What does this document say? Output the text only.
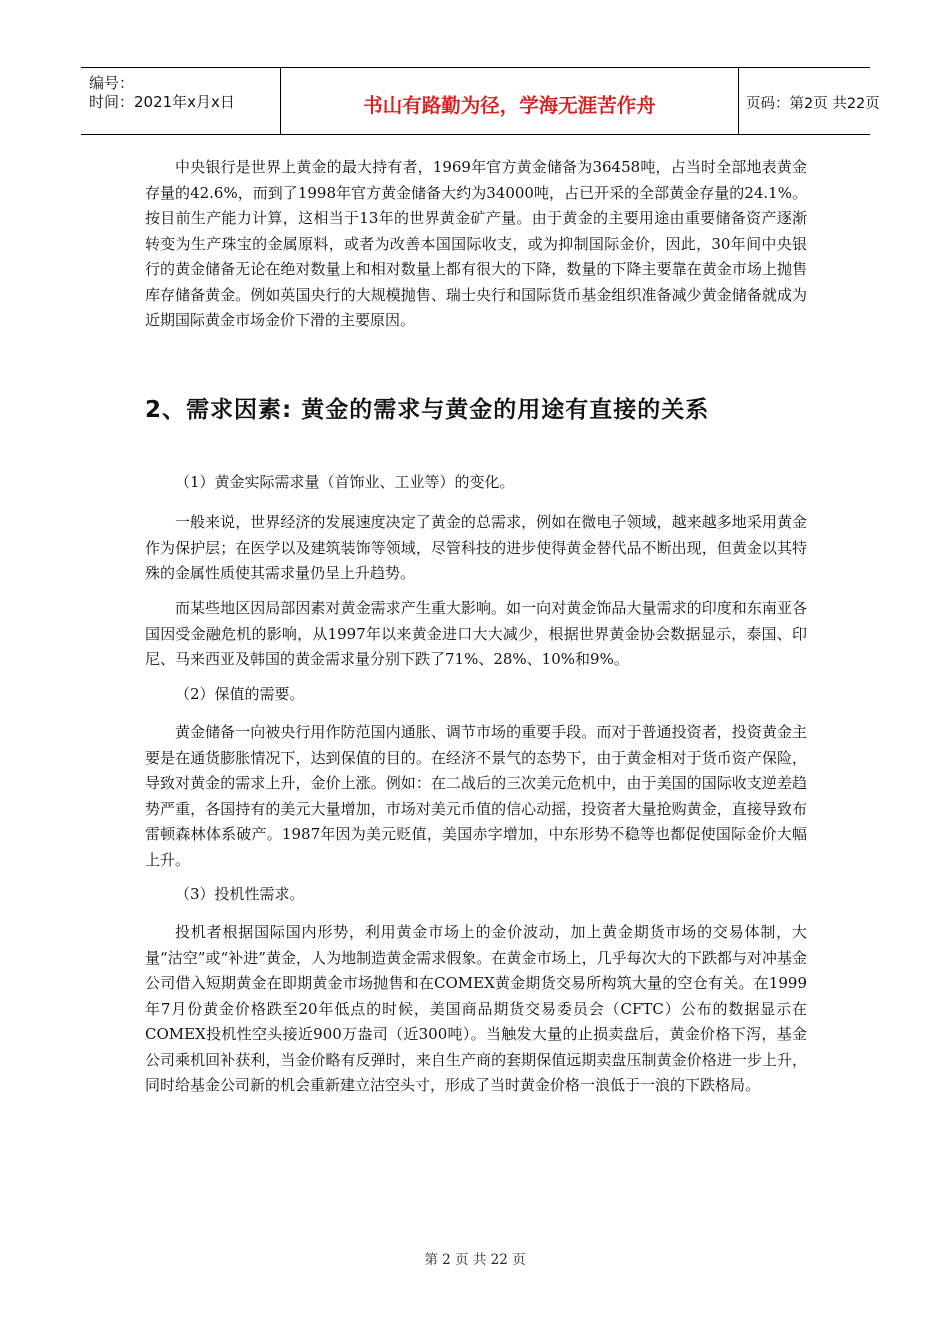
编号：
时间：2021年x月x日	书山有路勤为径，学海无涯苦作舟	页码：第2页 共22页

中央银行是世界上黄金的最大持有者，1969年官方黄金储备为36458吨，占当时全部地表黄金存量的42.6%，而到了1998年官方黄金储备大约为34000吨，占已开采的全部黄金存量的24.1%。按目前生产能力计算，这相当于13年的世界黄金矿产量。由于黄金的主要用途由重要储备资产逐渐转变为生产珠宝的金属原料，或者为改善本国国际收支，或为抑制国际金价，因此，30年间中央银行的黄金储备无论在绝对数量上和相对数量上都有很大的下降，数量的下降主要靠在黄金市场上抛售库存储备黄金。例如英国央行的大规模抛售、瑞士央行和国际货币基金组织准备减少黄金储备就成为近期国际黄金市场金价下滑的主要原因。

2、需求因素: 黄金的需求与黄金的用途有直接的关系

（1）黄金实际需求量（首饰业、工业等）的变化。

一般来说，世界经济的发展速度决定了黄金的总需求，例如在微电子领域，越来越多地采用黄金作为保护层；在医学以及建筑装饰等领域，尽管科技的进步使得黄金替代品不断出现，但黄金以其特殊的金属性质使其需求量仍呈上升趋势。

而某些地区因局部因素对黄金需求产生重大影响。如一向对黄金饰品大量需求的印度和东南亚各国因受金融危机的影响，从1997年以来黄金进口大大减少，根据世界黄金协会数据显示，泰国、印尼、马来西亚及韩国的黄金需求量分别下跌了71%、28%、10%和9%。

（2）保值的需要。

黄金储备一向被央行用作防范国内通胀、调节市场的重要手段。而对于普通投资者，投资黄金主要是在通货膨胀情况下，达到保值的目的。在经济不景气的态势下，由于黄金相对于货币资产保险，导致对黄金的需求上升，金价上涨。例如：在二战后的三次美元危机中，由于美国的国际收支逆差趋势严重，各国持有的美元大量增加，市场对美元币值的信心动摇，投资者大量抢购黄金，直接导致布雷顿森林体系破产。1987年因为美元贬值，美国赤字增加，中东形势不稳等也都促使国际金价大幅上升。

（3）投机性需求。

投机者根据国际国内形势，利用黄金市场上的金价波动，加上黄金期货市场的交易体制，大量“沽空”或“补进”黄金，人为地制造黄金需求假象。在黄金市场上，几乎每次大的下跌都与对冲基金公司借入短期黄金在即期黄金市场抛售和在COMEX黄金期货交易所构筑大量的空仓有关。在1999年7月份黄金价格跌至20年低点的时候，美国商品期货交易委员会（CFTC）公布的数据显示在COMEX投机性空头接近900万盎司（近300吨）。当触发大量的止损卖盘后，黄金价格下泻，基金公司乘机回补获利，当金价略有反弹时，来自生产商的套期保值远期卖盘压制黄金价格进一步上升，同时给基金公司新的机会重新建立沽空头寸，形成了当时黄金价格一浪低于一浪的下跌格局。

第 2 页 共 22 页
